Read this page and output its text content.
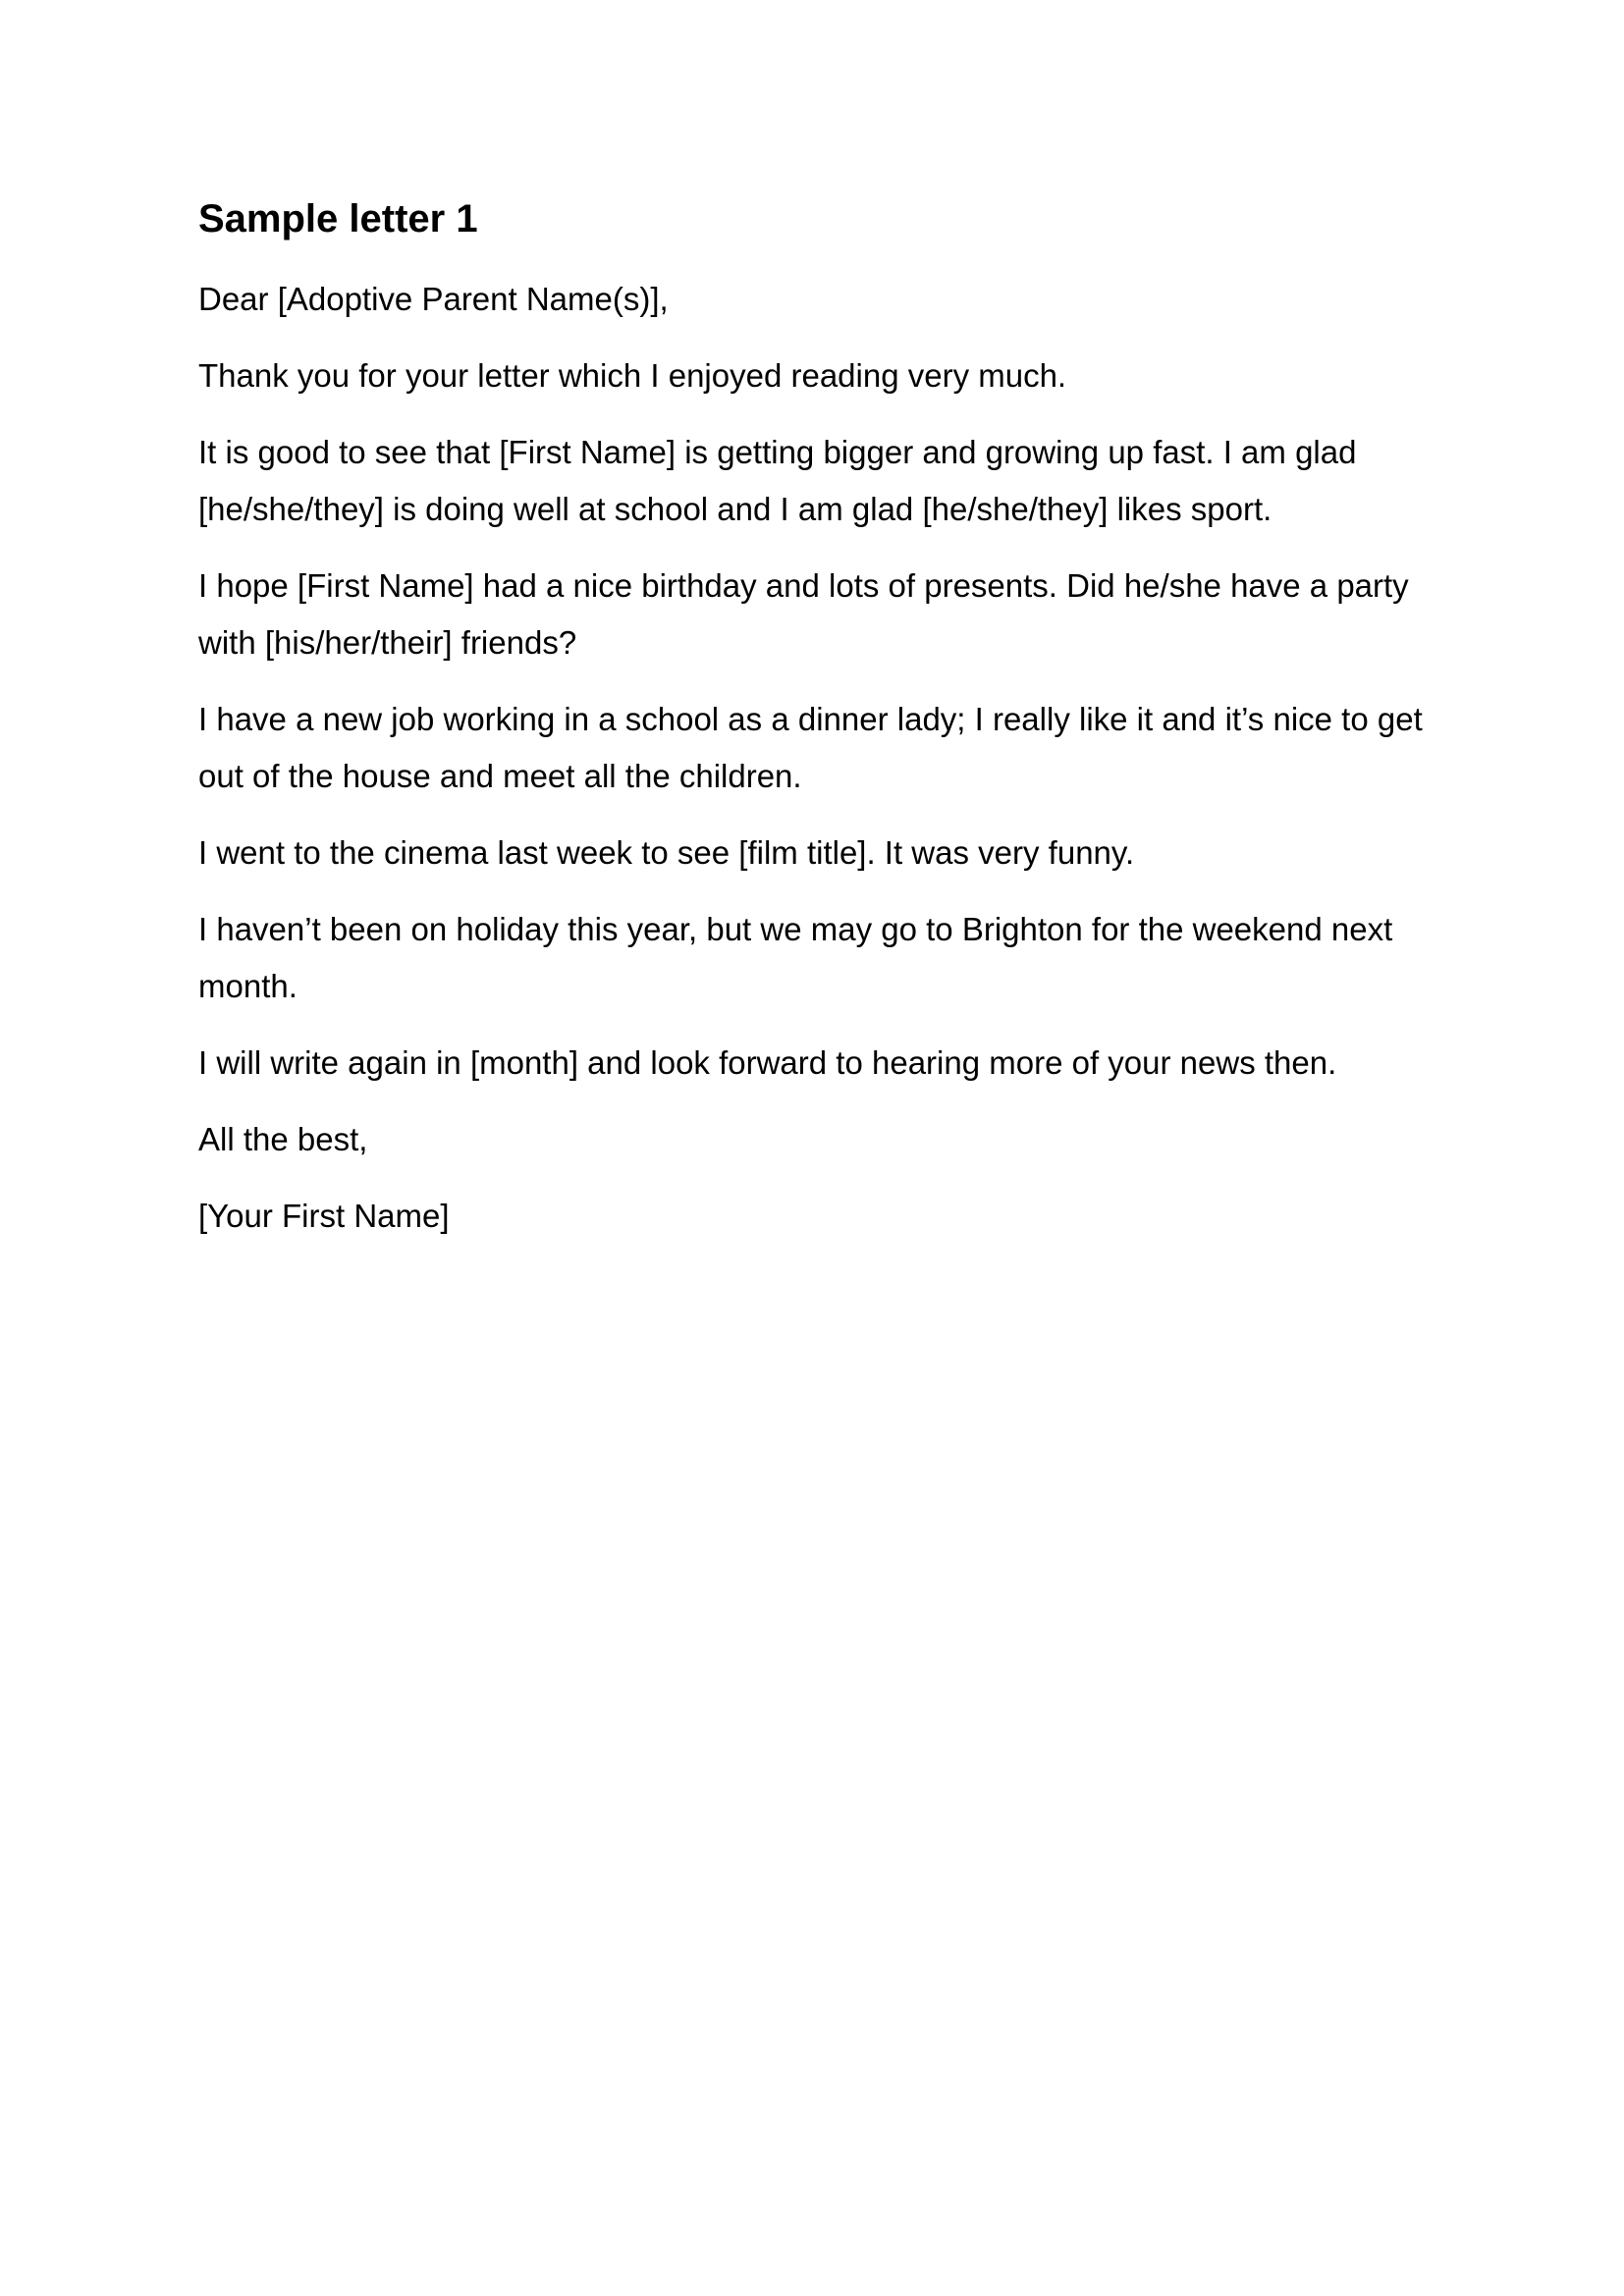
Sample letter 1

Dear [Adoptive Parent Name(s)],

Thank you for your letter which I enjoyed reading very much.

It is good to see that [First Name] is getting bigger and growing up fast. I am glad [he/she/they] is doing well at school and I am glad [he/she/they] likes sport.

I hope [First Name] had a nice birthday and lots of presents. Did he/she have a party with [his/her/their] friends?

I have a new job working in a school as a dinner lady; I really like it and it’s nice to get out of the house and meet all the children.

I went to the cinema last week to see [film title]. It was very funny.

I haven’t been on holiday this year, but we may go to Brighton for the weekend next month.

I will write again in [month] and look forward to hearing more of your news then.

All the best,

[Your First Name]
